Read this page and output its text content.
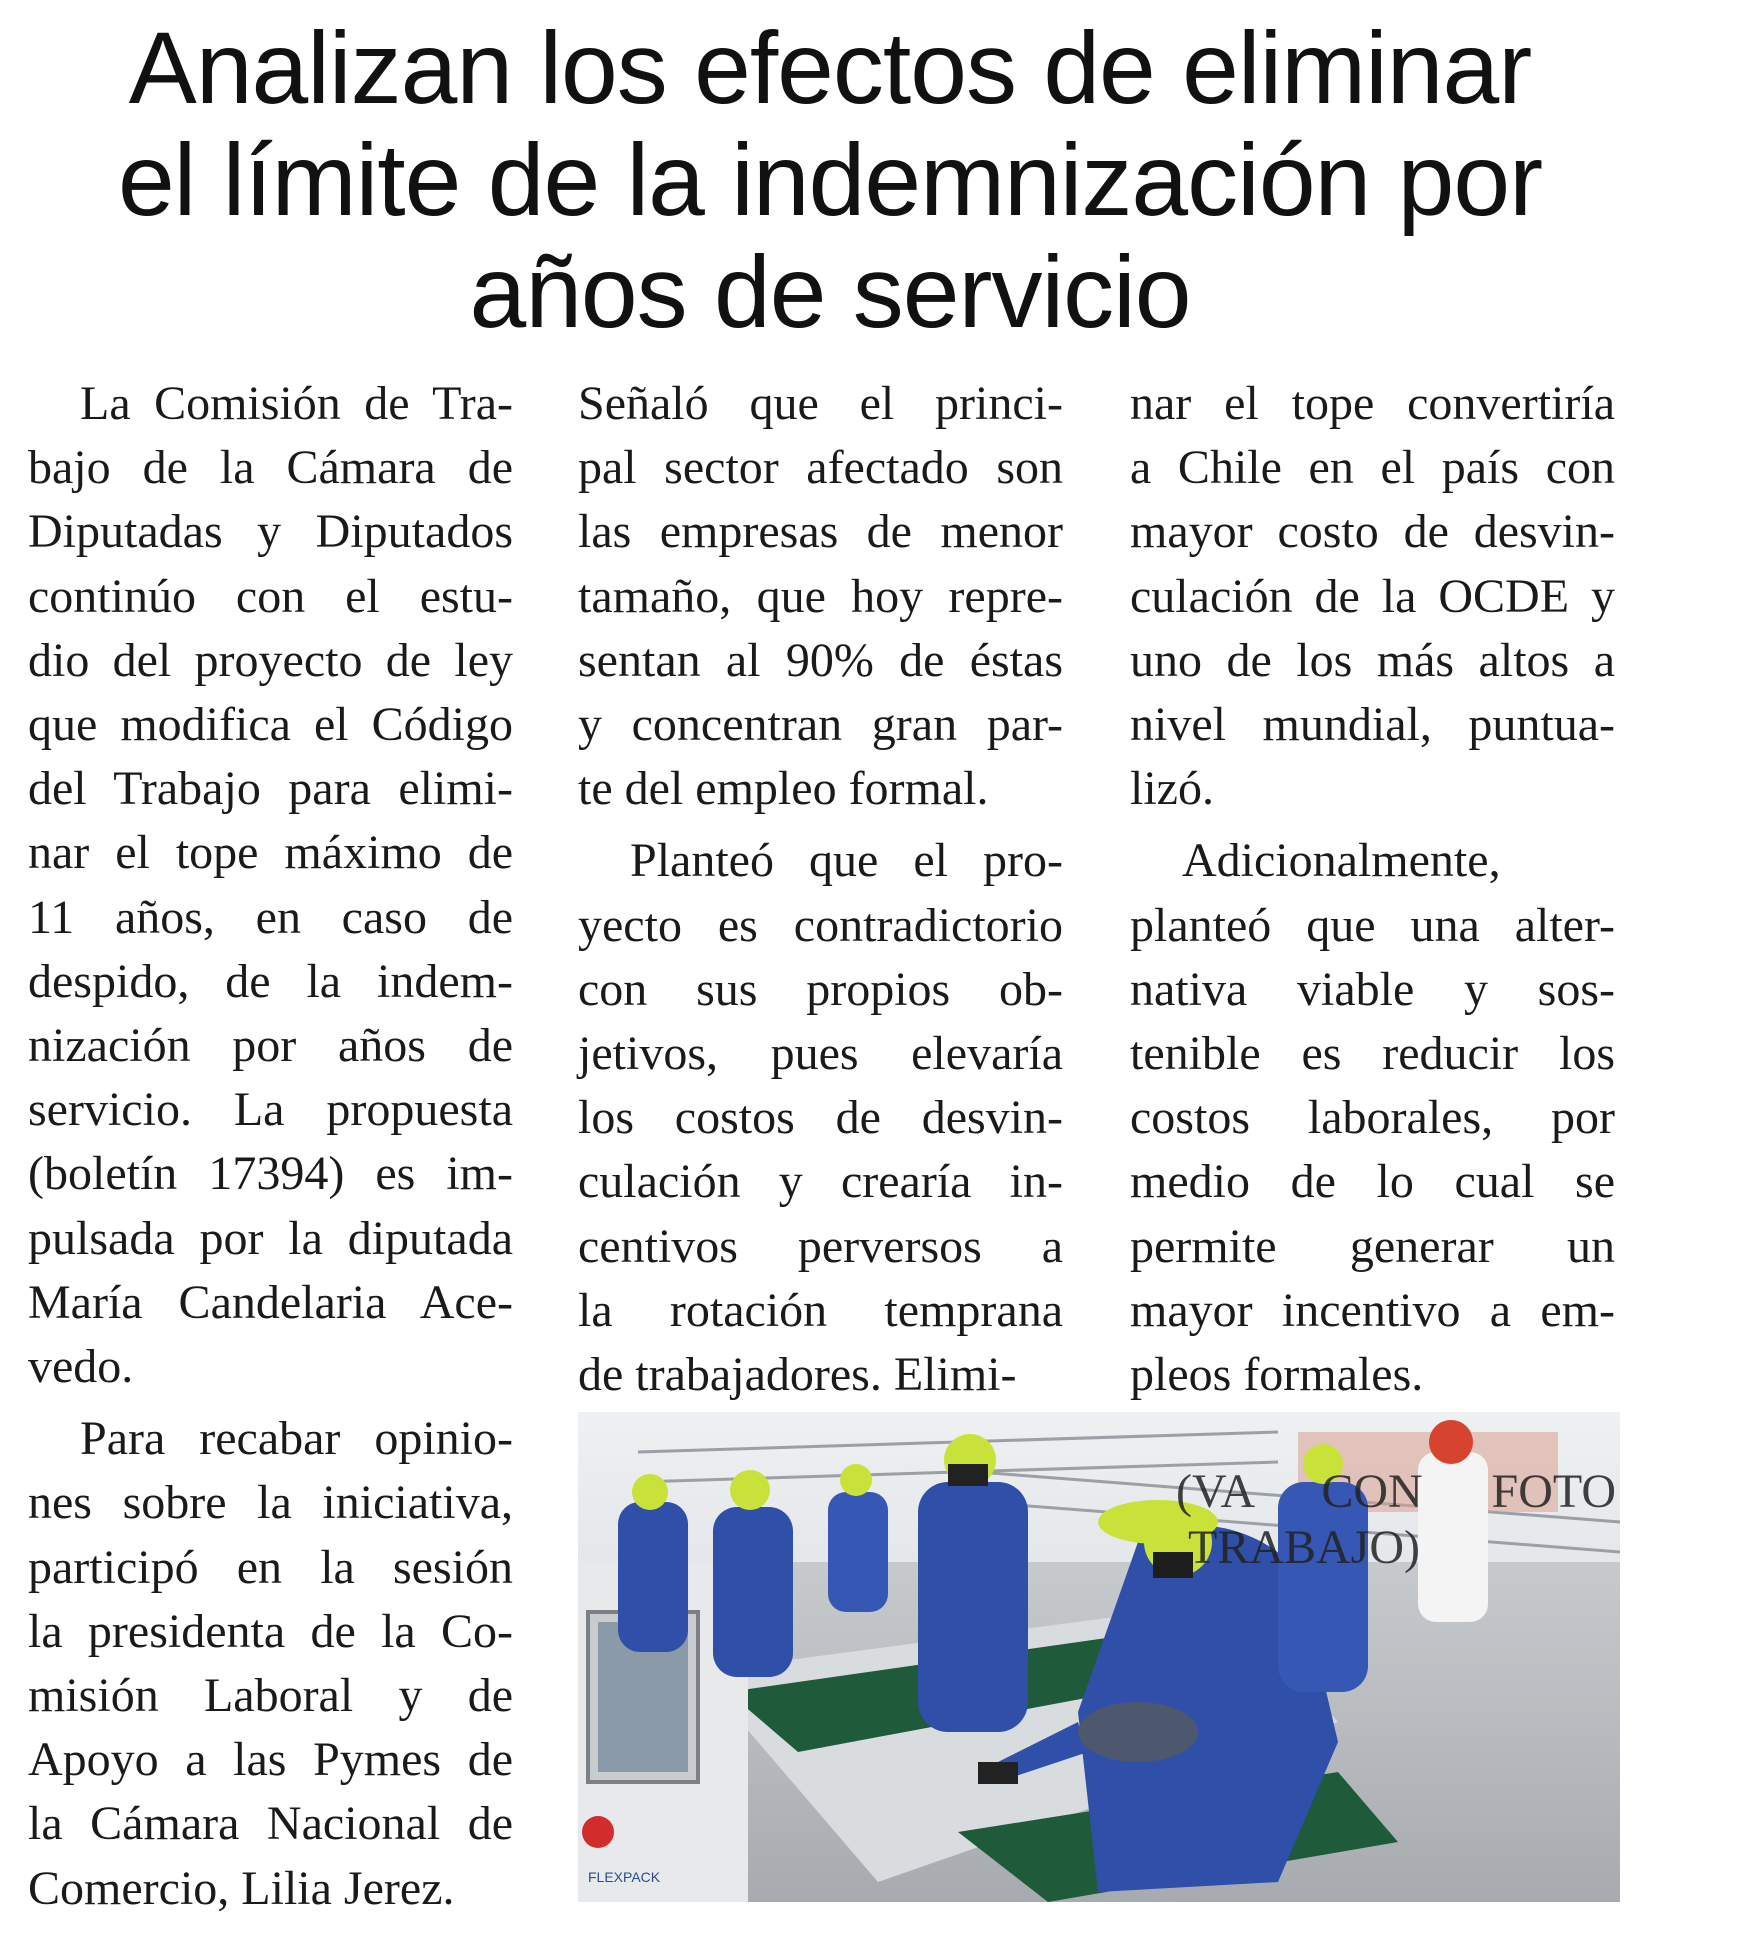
Analizan los efectos de eliminar
el límite de la indemnización por
años de servicio

La Comisión de Tra-
bajo de la Cámara de
Diputadas y Diputados
continúo con el estu-
dio del proyecto de ley
que modifica el Código
del Trabajo para elimi-
nar el tope máximo de
11 años, en caso de
despido, de la indem-
nización por años de
servicio. La propuesta
(boletín 17394) es im-
pulsada por la diputada
María Candelaria Ace-
vedo.

Para recabar opinio-
nes sobre la iniciativa,
participó en la sesión
la presidenta de la Co-
misión Laboral y de
Apoyo a las Pymes de
la Cámara Nacional de
Comercio, Lilia Jerez.

Señaló que el princi-
pal sector afectado son
las empresas de menor
tamaño, que hoy repre-
sentan al 90% de éstas
y concentran gran par-
te del empleo formal.

Planteó que el pro-
yecto es contradictorio
con sus propios ob-
jetivos, pues elevaría
los costos de desvin-
culación y crearía in-
centivos perversos a
la rotación temprana
de trabajadores. Elimi-

nar el tope convertiría
a Chile en el país con
mayor costo de desvin-
culación de la OCDE y
uno de los más altos a
nivel mundial, puntua-
lizó.

Adicionalmente,
planteó que una alter-
nativa viable y sos-
tenible es reducir los
costos laborales, por
medio de lo cual se
permite generar un
mayor incentivo a em-
pleos formales.

FLEXPACK
(VA CON FOTO
TRABAJO)
